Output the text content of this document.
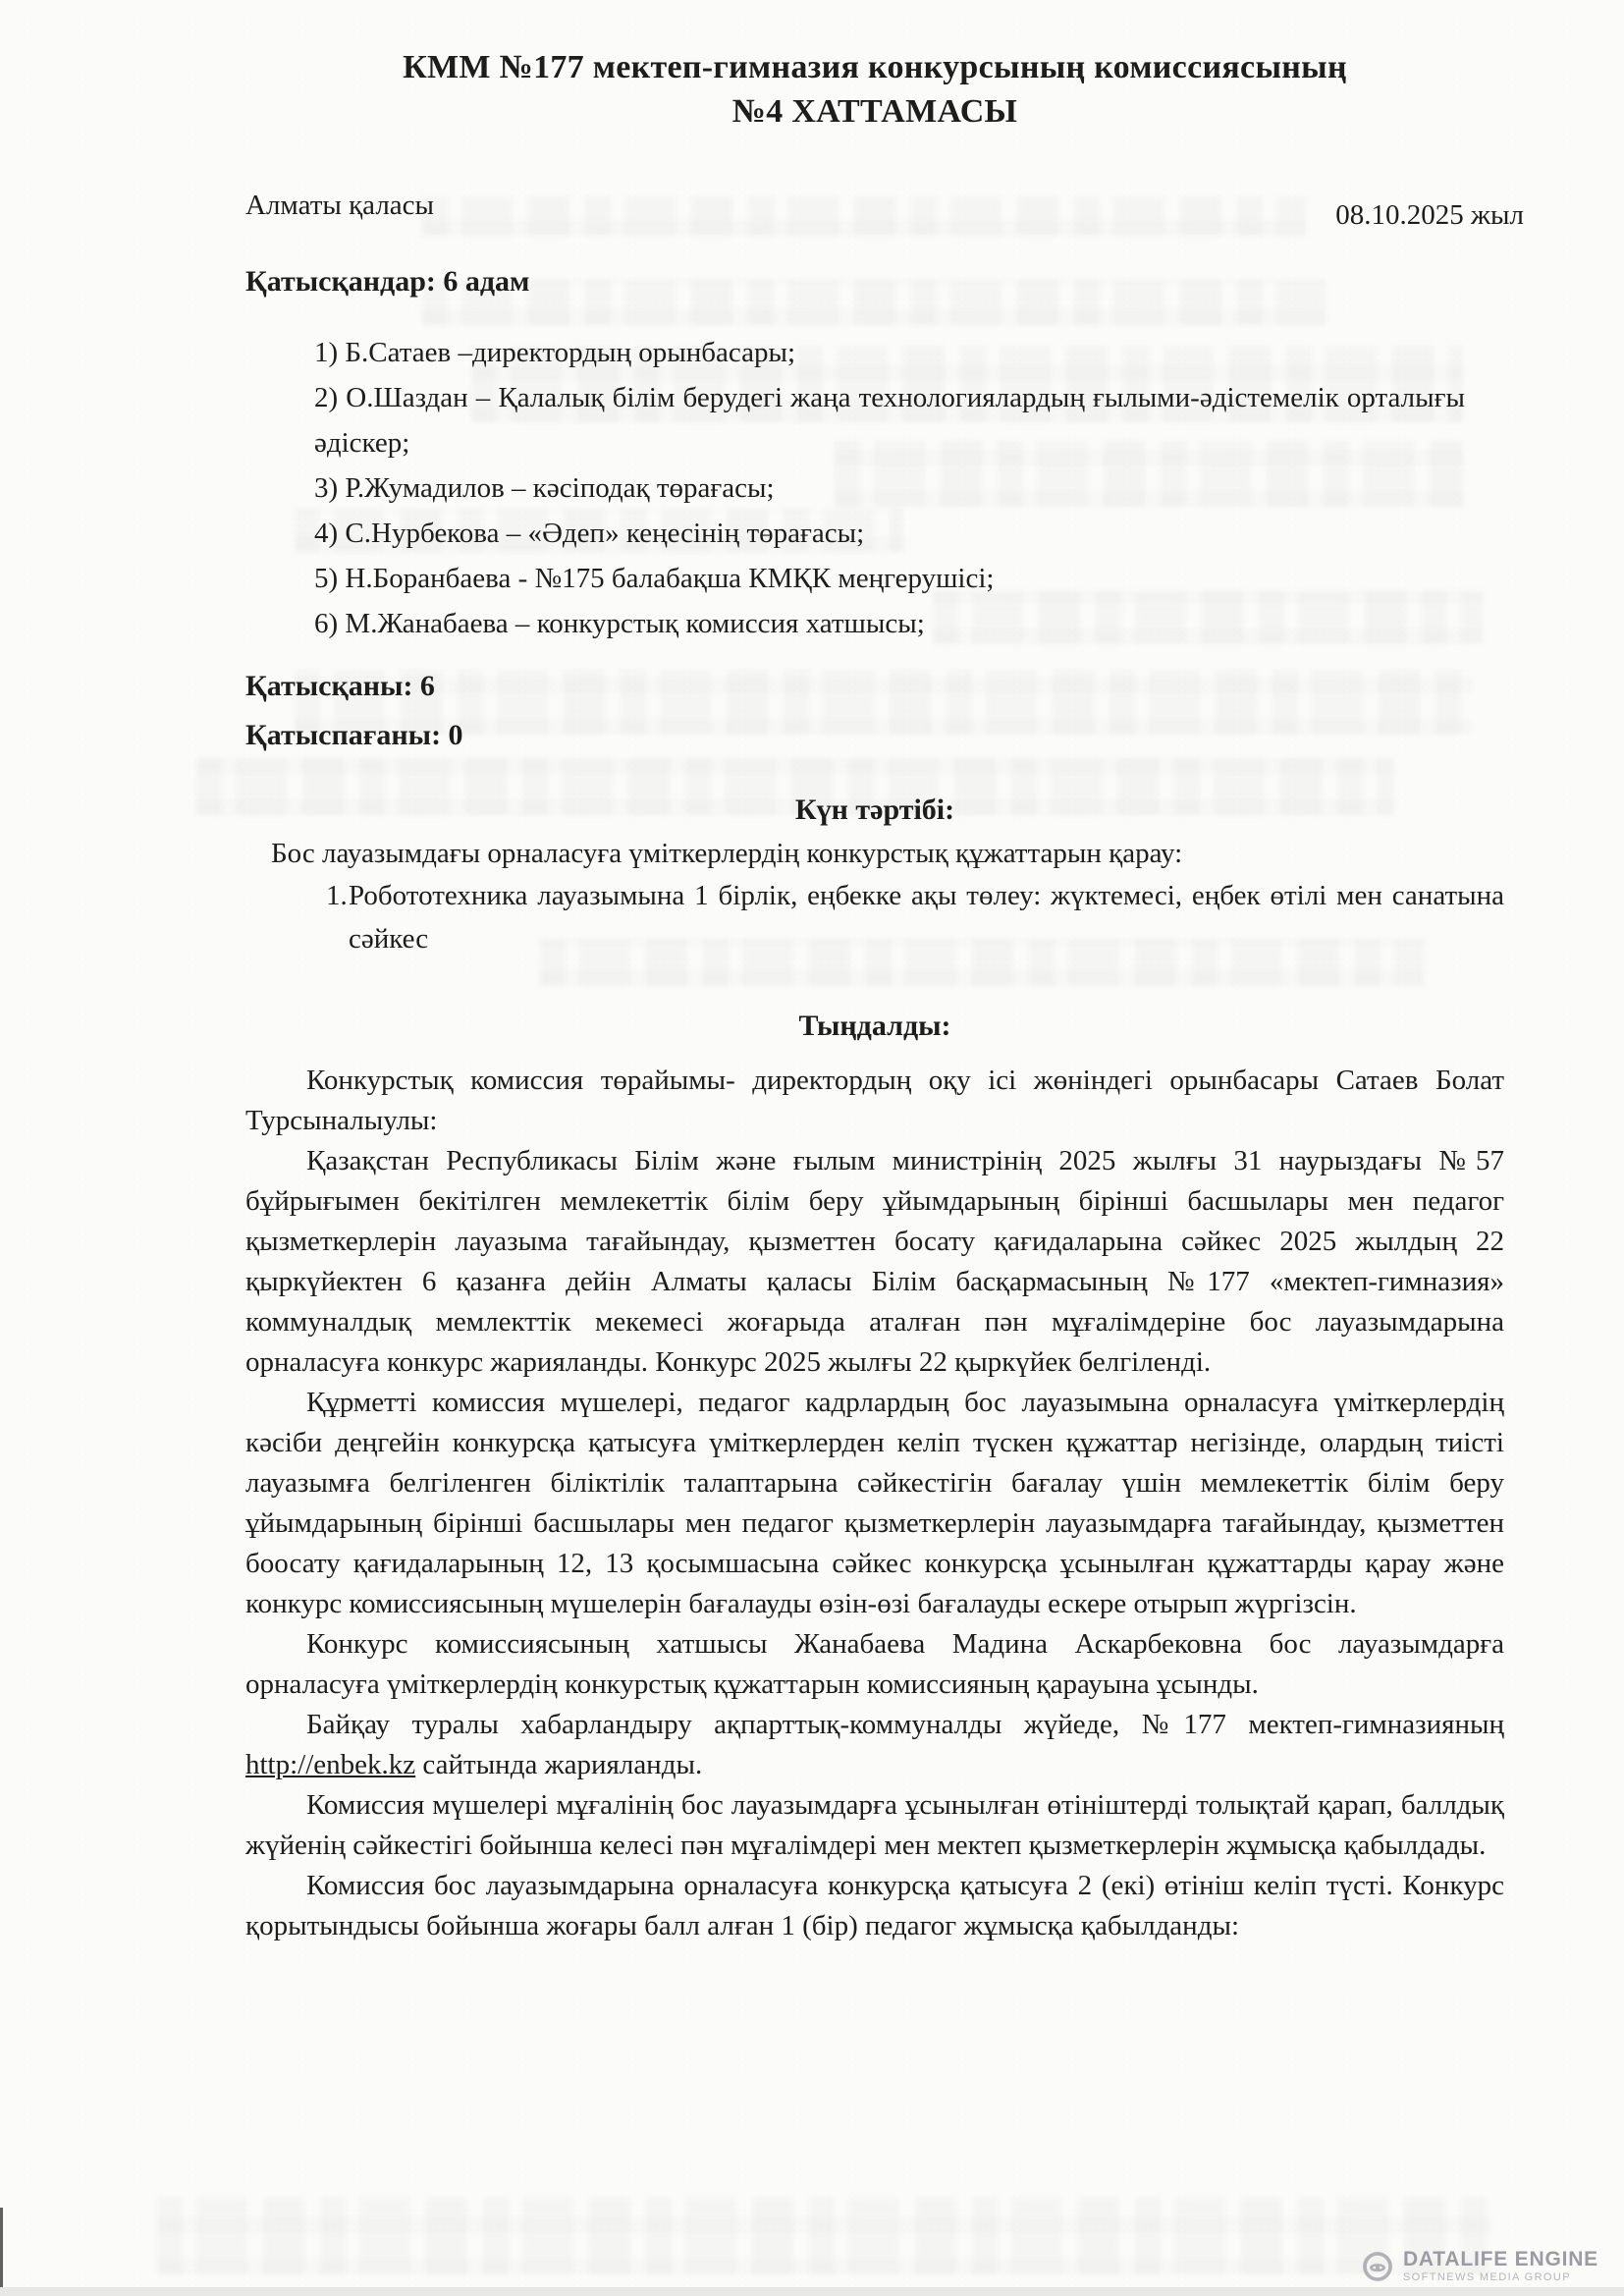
КММ №177 мектеп-гимназия конкурсының комиссиясының
№4 ХАТТАМАСЫ
Алматы қаласы	08.10.2025 жыл
Қатысқандар: 6 адам
1) Б.Сатаев –директордың орынбасары;
2) О.Шаздан – Қалалық білім берудегі жаңа технологиялардың ғылыми-әдістемелік орталығы әдіскер;
3) Р.Жумадилов – кәсіподақ төрағасы;
4) С.Нурбекова – «Әдеп» кеңесінің төрағасы;
5) Н.Боранбаева - №175 балабақша КМҚК меңгерушісі;
6) М.Жанабаева – конкурстық комиссия хатшысы;
Қатысқаны: 6
Қатыспағаны: 0
Күн тәртібі:

Бос лауазымдағы орналасуға үміткерлердің конкурстық құжаттарын қарау:

1. Робототехника лауазымына 1 бірлік, еңбекке ақы төлеу: жүктемесі, еңбек өтілі мен санатына сәйкес
Тыңдалды:

Конкурстық комиссия төрайымы- директордың оқу ісі жөніндегі орынбасары Сатаев Болат Турсыналыулы:

Қазақстан Республикасы Білім және ғылым министрінің 2025 жылғы 31 наурыздағы №57 бұйрығымен бекітілген мемлекеттік білім беру ұйымдарының бірінші басшылары мен педагог қызметкерлерін лауазыма тағайындау, қызметтен босату қағидаларына сәйкес 2025 жылдың 22 қыркүйектен 6 қазанға дейін Алматы қаласы Білім басқармасының №177 «мектеп-гимназия» коммуналдық мемлекттік мекемесі жоғарыда аталған пән мұғалімдеріне бос лауазымдарына орналасуға конкурс жарияланды. Конкурс 2025 жылғы 22 қыркүйек белгіленді.

Құрметті комиссия мүшелері, педагог кадрлардың бос лауазымына орналасуға үміткерлердің кәсіби деңгейін конкурсқа қатысуға үміткерлерден келіп түскен құжаттар негізінде, олардың тиісті лауазымға белгіленген біліктілік талаптарына сәйкестігін бағалау үшін мемлекеттік білім беру ұйымдарының бірінші басшылары мен педагог қызметкерлерін лауазымдарға тағайындау, қызметтен боосату қағидаларының 12, 13 қосымшасына сәйкес конкурсқа ұсынылған құжаттарды қарау және конкурс комиссиясының мүшелерін бағалауды өзін-өзі бағалауды ескере отырып жүргізсін.

Конкурс комиссиясының хатшысы Жанабаева Мадина Аскарбековна бос лауазымдарға орналасуға үміткерлердің конкурстық құжаттарын комиссияның қарауына ұсынды.

Байқау туралы хабарландыру ақпарттық-коммуналды жүйеде, №177 мектеп-гимназияның http://enbek.kz сайтында жарияланды.

Комиссия мүшелері мұғалінің бос лауазымдарға ұсынылған өтініштерді толықтай қарап, баллдық жүйенің сәйкестігі бойынша келесі пән мұғалімдері мен мектеп қызметкерлерін жұмысқа қабылдады.

Комиссия бос лауазымдарына орналасуға конкурсқа қатысуға 2 (екі) өтініш келіп түсті. Конкурс қорытындысы бойынша жоғары балл алған 1 (бір) педагог жұмысқа қабылданды:

DATALIFE ENGINE
SOFTNEWS MEDIA GROUP
